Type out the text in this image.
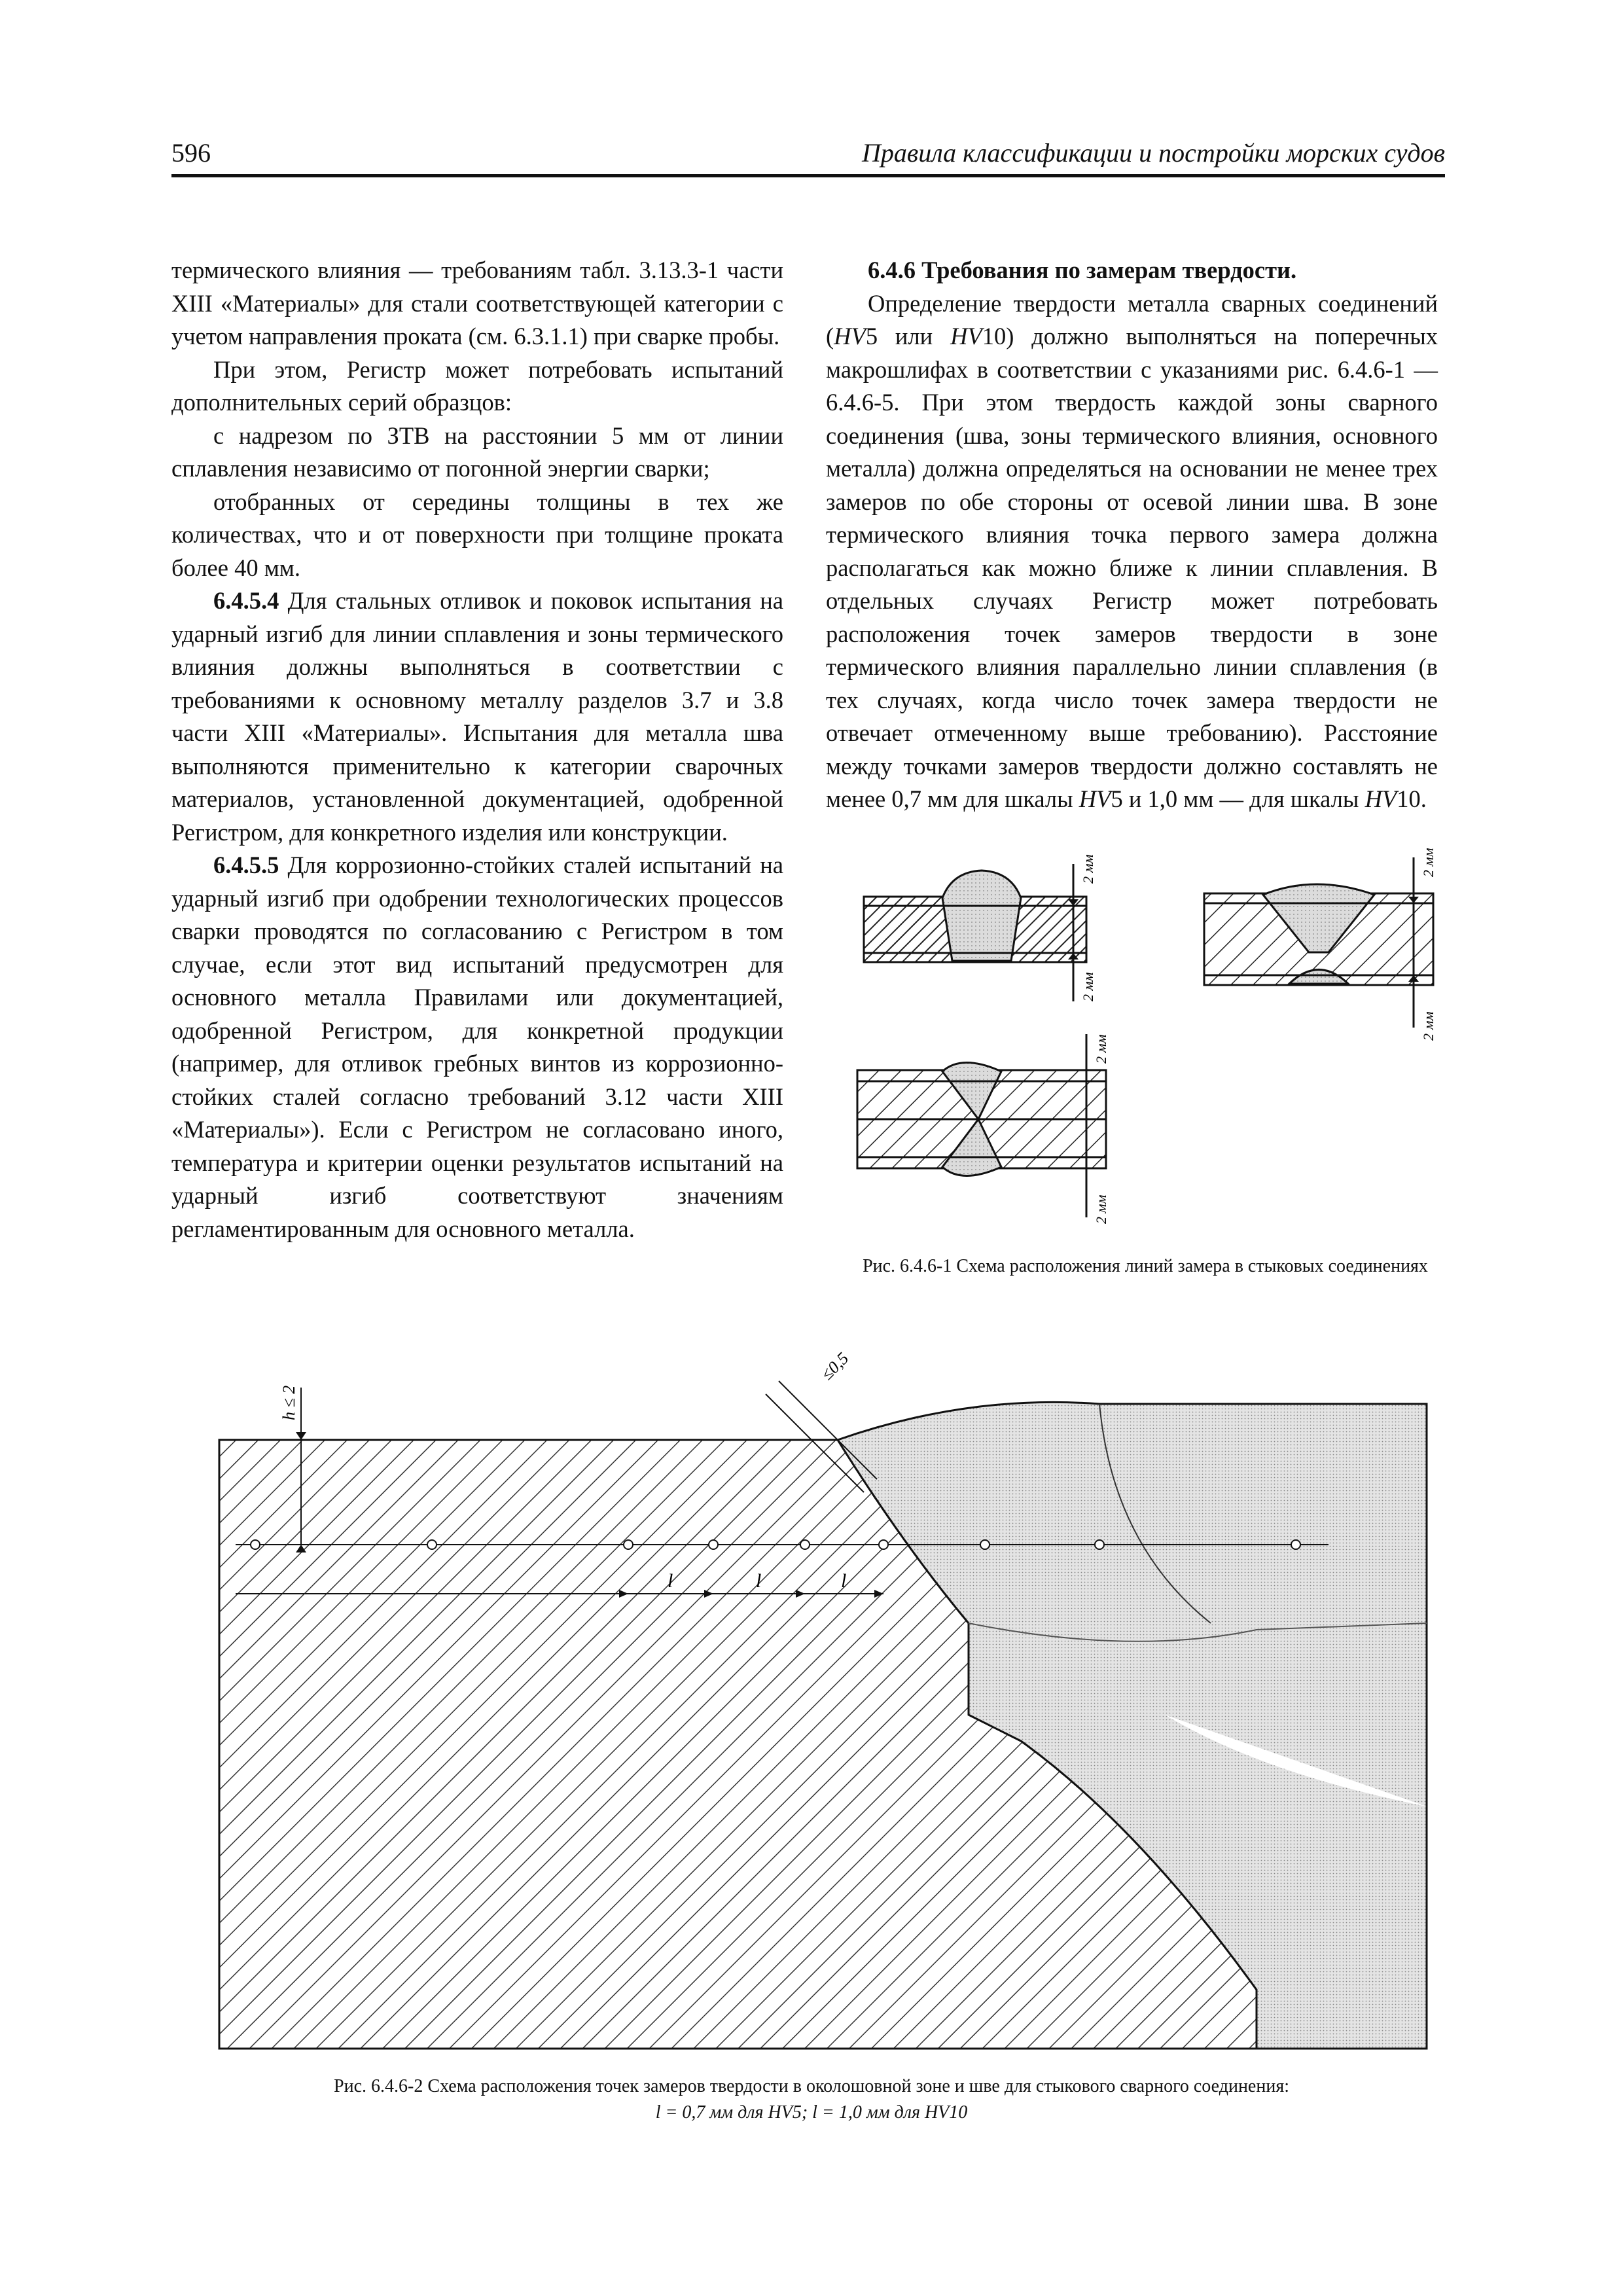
596	Правила классификации и постройки морских судов

термического влияния — требованиям табл. 3.13.3-1 части XIII «Материалы» для стали соответствующей категории с учетом направления проката (см. 6.3.1.1) при сварке пробы.

При этом, Регистр может потребовать испытаний дополнительных серий образцов:

с надрезом по ЗТВ на расстоянии 5 мм от линии сплавления независимо от погонной энергии сварки;

отобранных от середины толщины в тех же количествах, что и от поверхности при толщине проката более 40 мм.

6.4.5.4 Для стальных отливок и поковок испытания на ударный изгиб для линии сплавления и зоны термического влияния должны выполняться в соответствии с требованиями к основному металлу разделов 3.7 и 3.8 части XIII «Материалы». Испытания для металла шва выполняются применительно к категории сварочных материалов, установленной документацией, одобренной Регистром, для конкретного изделия или конструкции.

6.4.5.5 Для коррозионно-стойких сталей испытаний на ударный изгиб при одобрении технологических процессов сварки проводятся по согласованию с Регистром в том случае, если этот вид испытаний предусмотрен для основного металла Правилами или документацией, одобренной Регистром, для конкретной продукции (например, для отливок гребных винтов из коррозионно-стойких сталей согласно требований 3.12 части XIII «Материалы»). Если с Регистром не согласовано иного, температура и критерии оценки результатов испытаний на ударный изгиб соответствуют значениям регламентированным для основного металла.

6.4.6 Требования по замерам твердости.

Определение твердости металла сварных соединений (HV5 или HV10) должно выполняться на поперечных макрошлифах в соответствии с указаниями рис. 6.4.6-1 — 6.4.6-5. При этом твердость каждой зоны сварного соединения (шва, зоны термического влияния, основного металла) должна определяться на основании не менее трех замеров по обе стороны от осевой линии шва. В зоне термического влияния точка первого замера должна располагаться как можно ближе к линии сплавления. В отдельных случаях Регистр может потребовать расположения точек замеров твердости в зоне термического влияния параллельно линии сплавления (в тех случаях, когда число точек замера твердости не отвечает отмеченному выше требованию). Расстояние между точками замеров твердости должно составлять не менее 0,7 мм для шкалы HV5 и 1,0 мм — для шкалы HV10.

2 мм
2 мм
2 мм
2 мм
2 мм
2 мм
Рис. 6.4.6-1 Схема расположения линий замера в стыковых соединениях
h ≤ 2
≤0,5
l	l	l
Рис. 6.4.6-2 Схема расположения точек замеров твердости в околошовной зоне и шве для стыкового сварного соединения:
l = 0,7 мм для HV5; l = 1,0 мм для HV10
